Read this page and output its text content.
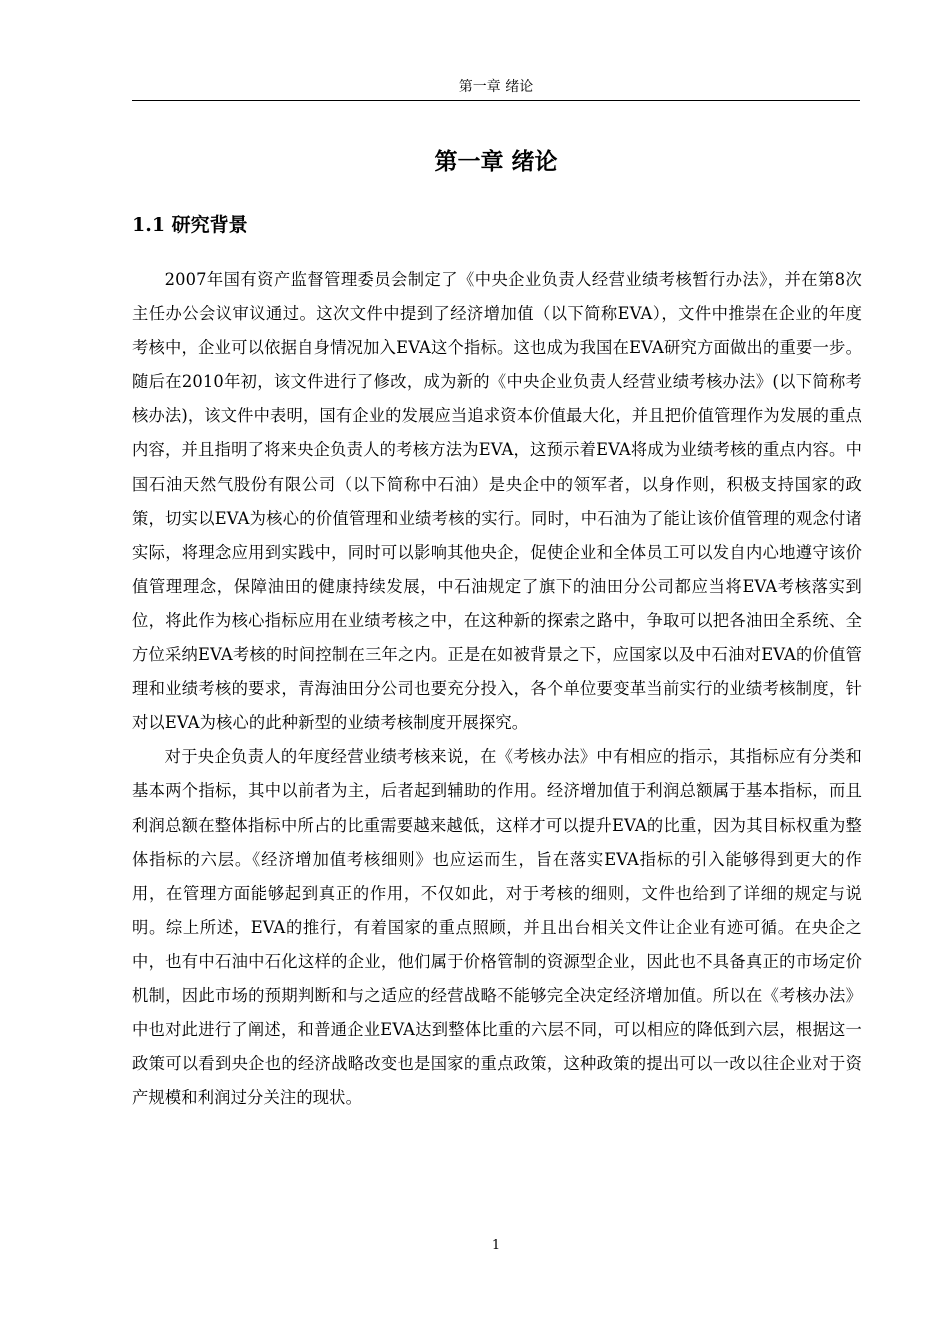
第一章 绪论
第一章 绪论
1.1 研究背景

2007年国有资产监督管理委员会制定了《中央企业负责人经营业绩考核暂行办法》，并在第8次主任办公会议审议通过。这次文件中提到了经济增加值（以下简称EVA），文件中推崇在企业的年度考核中，企业可以依据自身情况加入EVA这个指标。这也成为我国在EVA研究方面做出的重要一步。随后在2010年初，该文件进行了修改，成为新的《中央企业负责人经营业绩考核办法》(以下简称考核办法)，该文件中表明，国有企业的发展应当追求资本价值最大化，并且把价值管理作为发展的重点内容，并且指明了将来央企负责人的考核方法为EVA，这预示着EVA将成为业绩考核的重点内容。中国石油天然气股份有限公司（以下简称中石油）是央企中的领军者，以身作则，积极支持国家的政策，切实以EVA为核心的价值管理和业绩考核的实行。同时，中石油为了能让该价值管理的观念付诸实际，将理念应用到实践中，同时可以影响其他央企，促使企业和全体员工可以发自内心地遵守该价值管理理念，保障油田的健康持续发展，中石油规定了旗下的油田分公司都应当将EVA考核落实到位，将此作为核心指标应用在业绩考核之中，在这种新的探索之路中，争取可以把各油田全系统、全方位采纳EVA考核的时间控制在三年之内。正是在如被背景之下，应国家以及中石油对EVA的价值管理和业绩考核的要求，青海油田分公司也要充分投入，各个单位要变革当前实行的业绩考核制度，针对以EVA为核心的此种新型的业绩考核制度开展探究。

对于央企负责人的年度经营业绩考核来说，在《考核办法》中有相应的指示，其指标应有分类和基本两个指标，其中以前者为主，后者起到辅助的作用。经济增加值于利润总额属于基本指标，而且利润总额在整体指标中所占的比重需要越来越低，这样才可以提升EVA的比重，因为其目标权重为整体指标的六层。《经济增加值考核细则》也应运而生，旨在落实EVA指标的引入能够得到更大的作用，在管理方面能够起到真正的作用，不仅如此，对于考核的细则，文件也给到了详细的规定与说明。综上所述，EVA的推行，有着国家的重点照顾，并且出台相关文件让企业有迹可循。在央企之中，也有中石油中石化这样的企业，他们属于价格管制的资源型企业，因此也不具备真正的市场定价机制，因此市场的预期判断和与之适应的经营战略不能够完全决定经济增加值。所以在《考核办法》中也对此进行了阐述，和普通企业EVA达到整体比重的六层不同，可以相应的降低到六层，根据这一政策可以看到央企也的经济战略改变也是国家的重点政策，这种政策的提出可以一改以往企业对于资产规模和利润过分关注的现状。

1
